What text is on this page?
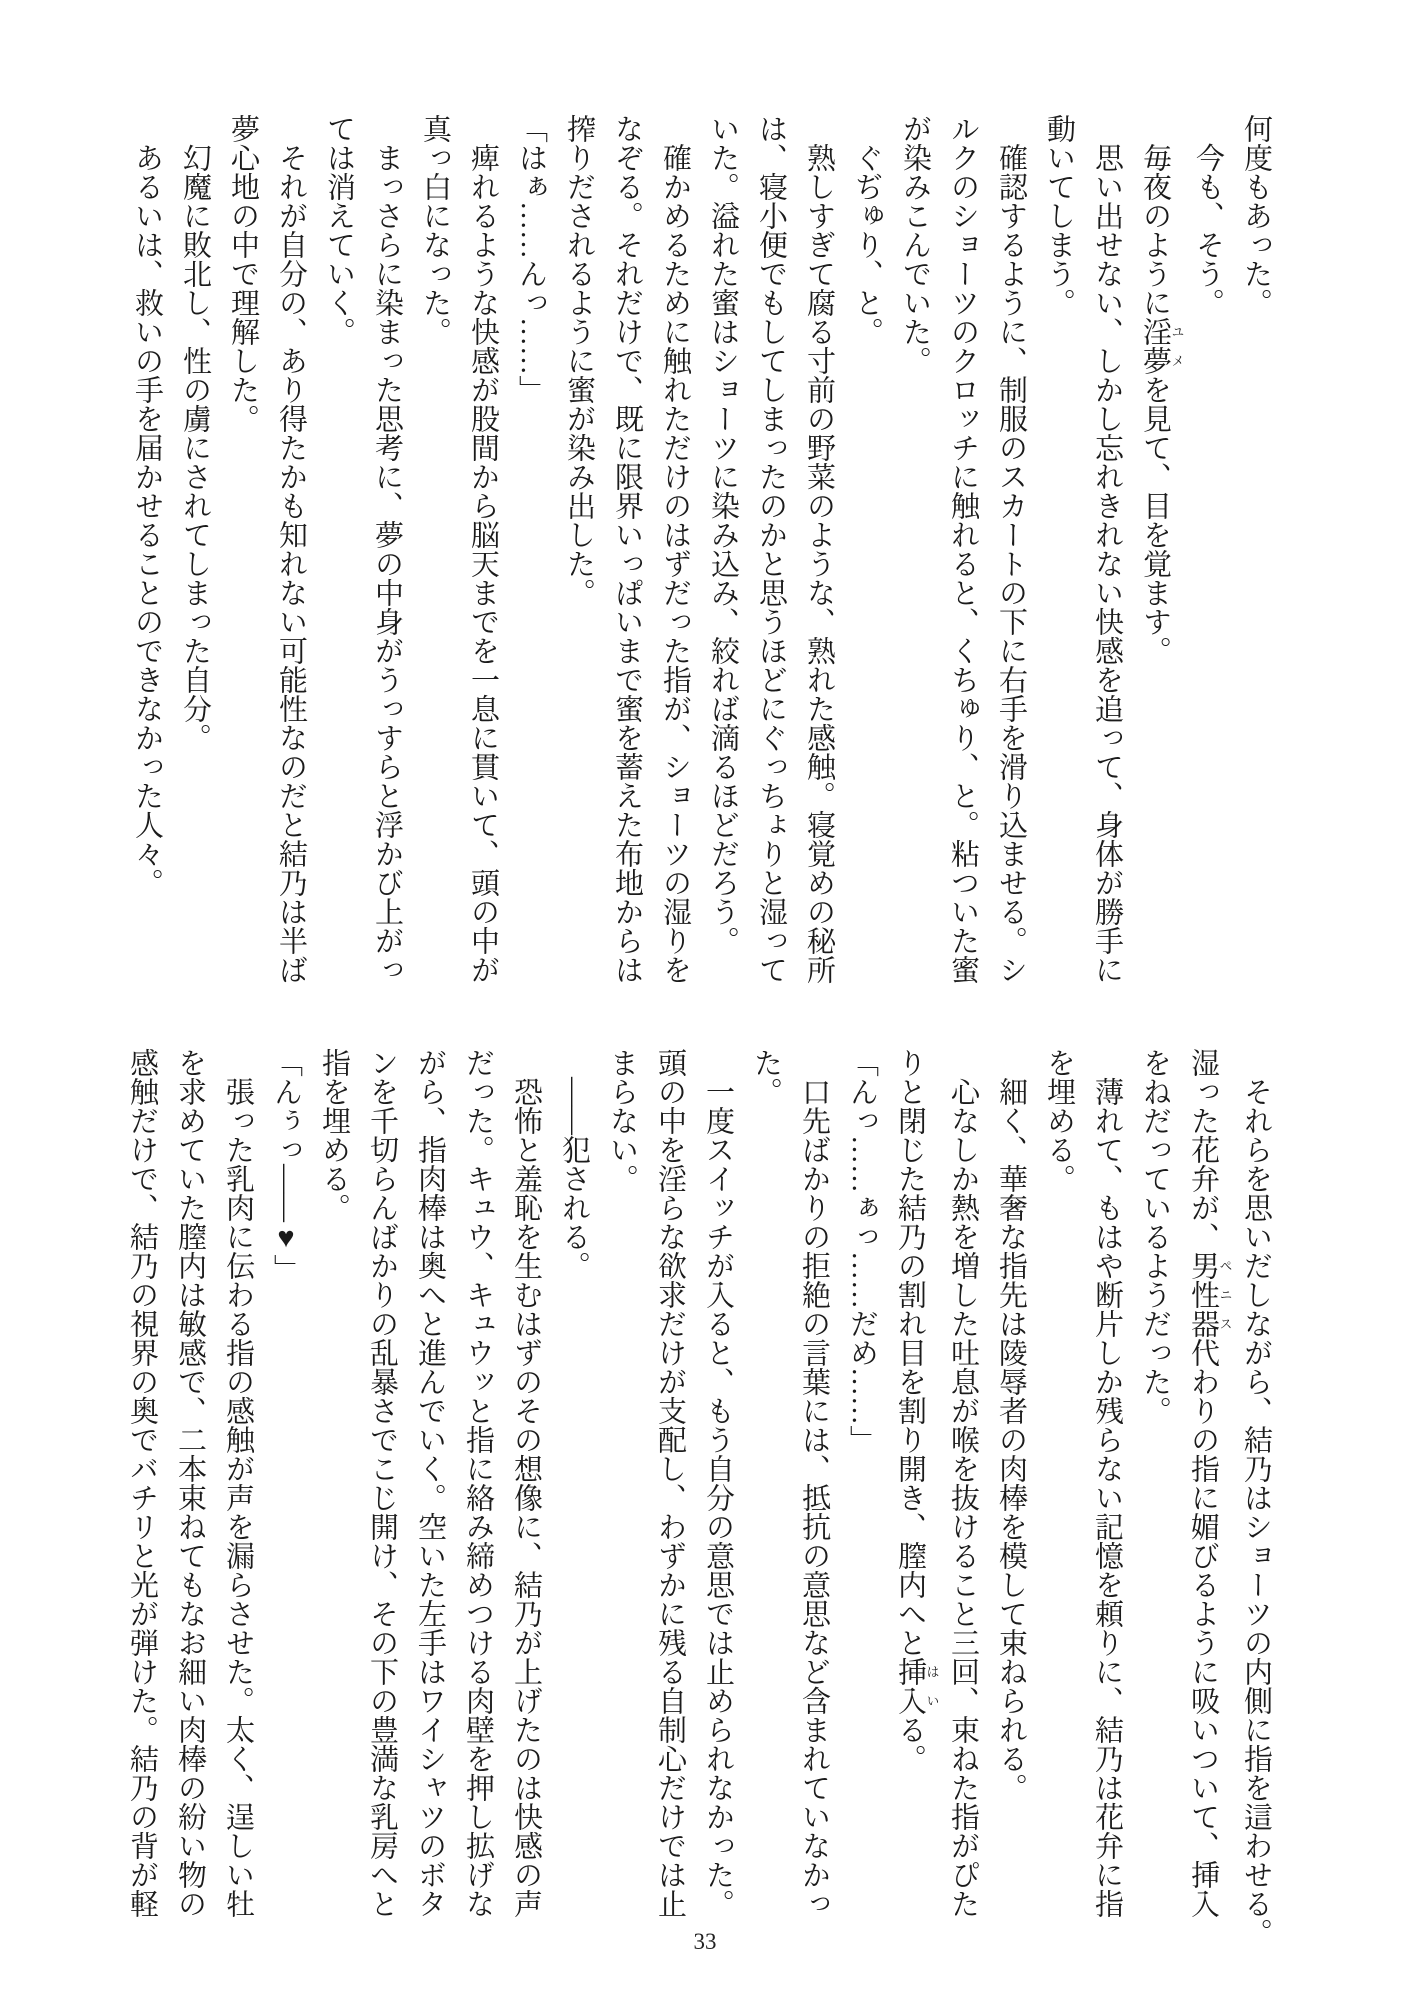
何度もあった。

　今も、そう。

　毎夜のように淫夢ユメを見て、目を覚ます。

　思い出せない、しかし忘れきれない快感を追って、身体が勝手に

動いてしまう。

　確認するように、制服のスカートの下に右手を滑り込ませる。シ

ルクのショーツのクロッチに触れると、くちゅり、と。粘ついた蜜

が染みこんでいた。

　ぐぢゅり、と。

　熟しすぎて腐る寸前の野菜のような、熟れた感触。寝覚めの秘所

は、寝小便でもしてしまったのかと思うほどにぐっちょりと湿って

いた。溢れた蜜はショーツに染み込み、絞れば滴るほどだろう。

　確かめるために触れただけのはずだった指が、ショーツの湿りを

なぞる。それだけで、既に限界いっぱいまで蜜を蓄えた布地からは

搾りだされるように蜜が染み出した。

「はぁ……んっ……」

　痺れるような快感が股間から脳天までを一息に貫いて、頭の中が

真っ白になった。

　まっさらに染まった思考に、夢の中身がうっすらと浮かび上がっ

ては消えていく。

　それが自分の、あり得たかも知れない可能性なのだと結乃は半ば

夢心地の中で理解した。

　幻魔に敗北し、性の虜にされてしまった自分。

　あるいは、救いの手を届かせることのできなかった人々。

　それらを思いだしながら、結乃はショーツの内側に指を這わせる。

湿った花弁が、男性器ペニス代わりの指に媚びるように吸いついて、挿入

をねだっているようだった。

　薄れて、もはや断片しか残らない記憶を頼りに、結乃は花弁に指

を埋める。

　細く、華奢な指先は陵辱者の肉棒を模して束ねられる。

　心なしか熱を増した吐息が喉を抜けること三回、束ねた指がぴた

りと閉じた結乃の割れ目を割り開き、膣内へと挿入はいる。

「んっ……ぁっ……だめ……」

　口先ばかりの拒絶の言葉には、抵抗の意思など含まれていなかっ

た。

　一度スイッチが入ると、もう自分の意思では止められなかった。

頭の中を淫らな欲求だけが支配し、わずかに残る自制心だけでは止

まらない。

　――犯される。

　恐怖と羞恥を生むはずのその想像に、結乃が上げたのは快感の声

だった。キュウ、キュウッと指に絡み締めつける肉壁を押し拡げな

がら、指肉棒は奥へと進んでいく。空いた左手はワイシャツのボタ

ンを千切らんばかりの乱暴さでこじ開け、その下の豊満な乳房へと

指を埋める。

「んぅっ――♥」

　張った乳肉に伝わる指の感触が声を漏らさせた。太く、逞しい牡

を求めていた膣内は敏感で、二本束ねてもなお細い肉棒の紛い物の

感触だけで、結乃の視界の奥でバチリと光が弾けた。結乃の背が軽

33
